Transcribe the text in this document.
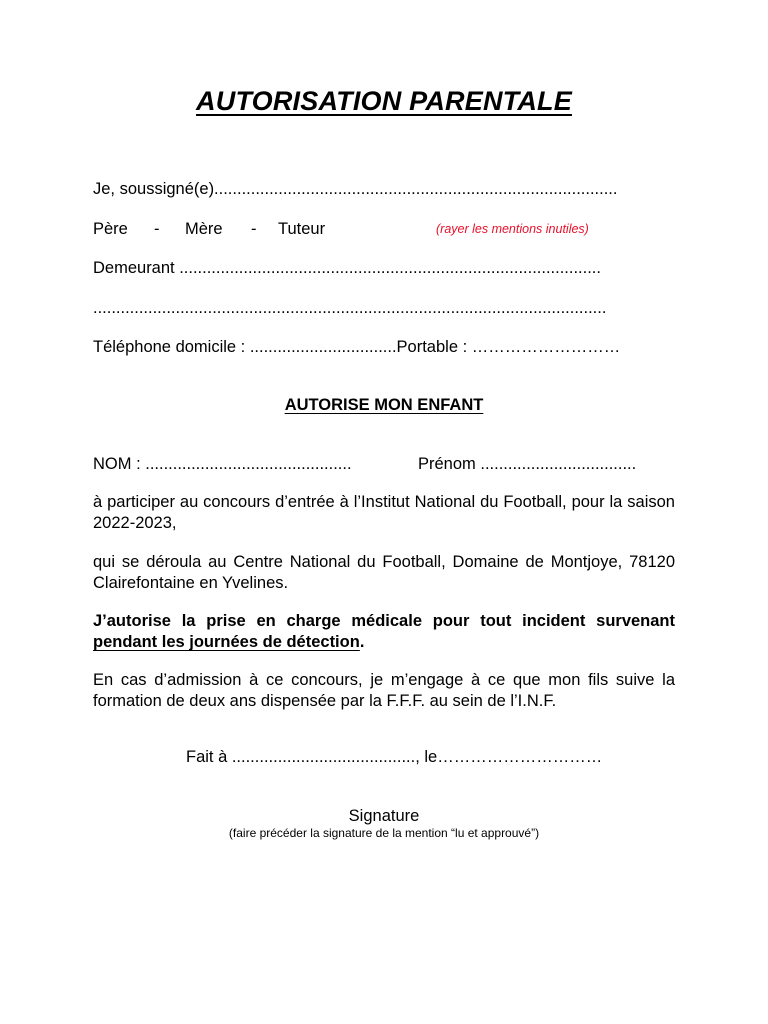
AUTORISATION PARENTALE
Je, soussigné(e)........................................................................................
Père - Mère - Tuteur	(rayer les mentions inutiles)
Demeurant ............................................................................................
................................................................................................................
Téléphone domicile : ................................Portable : ………………………
AUTORISE MON ENFANT
NOM : .............................................	Prénom ..................................
à participer au concours d’entrée à l’Institut National du Football, pour la saison 2022-2023,
qui se déroula au Centre National du Football, Domaine de Montjoye, 78120 Clairefontaine en Yvelines.
J’autorise la prise en charge médicale pour tout incident survenant pendant les journées de détection.
En cas d’admission à ce concours, je m’engage à ce que mon fils suive la formation de deux ans dispensée par la F.F.F. au sein de l’I.N.F.
Fait à ........................................, le…………………………
Signature
(faire précéder la signature de la mention “lu et approuvé”)
